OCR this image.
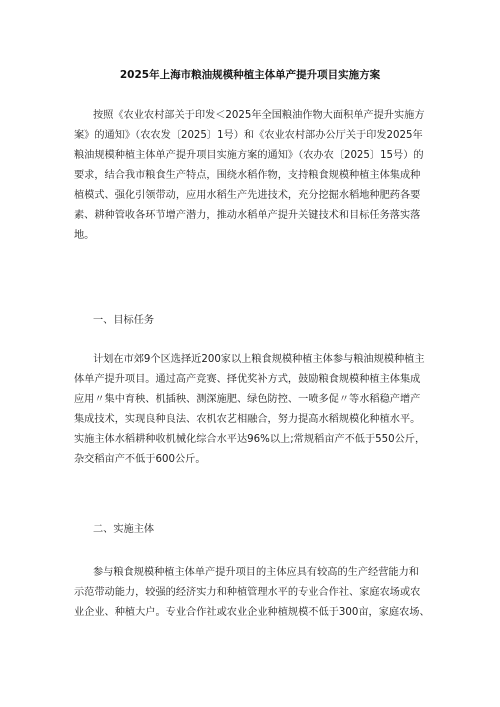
2025年上海市粮油规模种植主体单产提升项目实施方案
按照《农业农村部关于印发＜2025年全国粮油作物大面积单产提升实施方
案》的通知》（农农发〔2025〕1号）和《农业农村部办公厅关于印发2025年
粮油规模种植主体单产提升项目实施方案的通知》（农办农〔2025〕15号）的
要求，结合我市粮食生产特点，围绕水稻作物，支持粮食规模种植主体集成种
植模式、强化引领带动，应用水稻生产先进技术，充分挖掘水稻地种肥药各要
素、耕种管收各环节增产潜力，推动水稻单产提升关键技术和目标任务落实落
地。
一、目标任务
计划在市郊9个区选择近200家以上粮食规模种植主体参与粮油规模种植主
体单产提升项目。通过高产竞赛、择优奖补方式，鼓励粮食规模种植主体集成
应用〃集中育秧、机插秧、测深施肥、绿色防控、一喷多促〃等水稻稳产增产
集成技术，实现良种良法、农机农艺相融合，努力提高水稻规模化种植水平。
实施主体水稻耕种收机械化综合水平达96%以上;常规稻亩产不低于550公斤，
杂交稻亩产不低于600公斤。
二、实施主体
参与粮食规模种植主体单产提升项目的主体应具有较高的生产经营能力和
示范带动能力，较强的经济实力和种植管理水平的专业合作社、家庭农场或农
业企业、种植大户。专业合作社或农业企业种植规模不低于300亩，家庭农场、
